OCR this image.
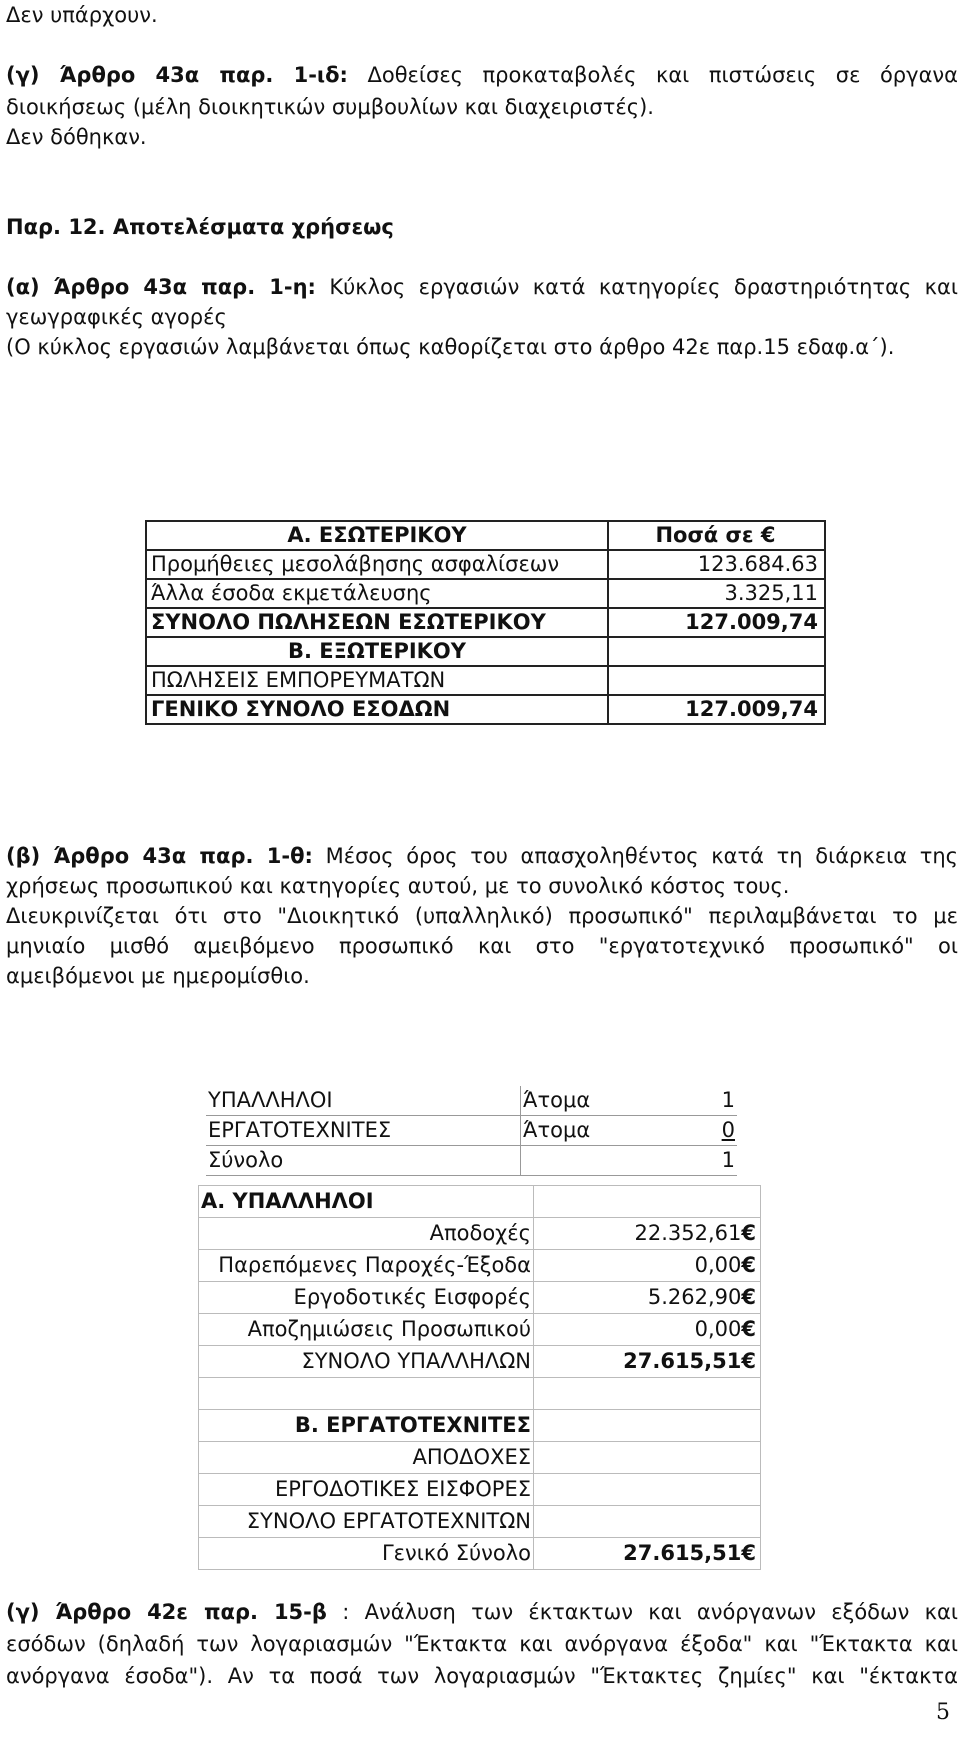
Δεν υπάρχουν.
(γ) Άρθρο 43α παρ. 1-ιδ: Δοθείσες προκαταβολές και πιστώσεις σε όργανα
διοικήσεως (μέλη διοικητικών συμβουλίων και διαχειριστές).
Δεν δόθηκαν.
Παρ. 12. Αποτελέσματα χρήσεως
(α) Άρθρο 43α παρ. 1-η: Κύκλος εργασιών κατά κατηγορίες δραστηριότητας και
γεωγραφικές αγορές
(Ο κύκλος εργασιών λαμβάνεται όπως καθορίζεται στο άρθρο 42ε παρ.15 εδαφ.α΄).
Α. ΕΣΩΤΕΡΙΚΟΥ	Ποσά σε €
Προμήθειες μεσολάβησης ασφαλίσεων	123.684.63
Άλλα έσοδα εκμετάλευσης	3.325,11
ΣΥΝΟΛΟ ΠΩΛΗΣΕΩΝ ΕΣΩΤΕΡΙΚΟΥ	127.009,74
Β. ΕΞΩΤΕΡΙΚΟΥ	
ΠΩΛΗΣΕΙΣ ΕΜΠΟΡΕΥΜΑΤΩΝ	
ΓΕΝΙΚΟ ΣΥΝΟΛΟ ΕΣΟΔΩΝ	127.009,74
(β) Άρθρο 43α παρ. 1-θ: Μέσος όρος του απασχοληθέντος κατά τη διάρκεια της
χρήσεως προσωπικού και κατηγορίες αυτού, με το συνολικό κόστος τους.
Διευκρινίζεται ότι στο "Διοικητικό (υπαλληλικό) προσωπικό" περιλαμβάνεται το με
μηνιαίο μισθό αμειβόμενο προσωπικό και στο "εργατοτεχνικό προσωπικό" οι
αμειβόμενοι με ημερομίσθιο.
ΥΠΑΛΛΗΛΟΙ	Άτομα	1
ΕΡΓΑΤΟΤΕΧΝΙΤΕΣ	Άτομα	0
Σύνολο		1
Α. ΥΠΑΛΛΗΛΟΙ	
Αποδοχές	22.352,61€
Παρεπόμενες Παροχές-Έξοδα	0,00€
Εργοδοτικές Εισφορές	5.262,90€
Αποζημιώσεις Προσωπικού	0,00€
ΣΥΝΟΛΟ ΥΠΑΛΛΗΛΩΝ	27.615,51€

Β. ΕΡΓΑΤΟΤΕΧΝΙΤΕΣ	
ΑΠΟΔΟΧΕΣ	
ΕΡΓΟΔΟΤΙΚΕΣ ΕΙΣΦΟΡΕΣ	
ΣΥΝΟΛΟ ΕΡΓΑΤΟΤΕΧΝΙΤΩΝ	
Γενικό Σύνολο	27.615,51€
(γ) Άρθρο 42ε παρ. 15-β : Ανάλυση των έκτακτων και ανόργανων εξόδων και
εσόδων (δηλαδή των λογαριασμών "Έκτακτα και ανόργανα έξοδα" και "Έκτακτα και
ανόργανα έσοδα"). Αν τα ποσά των λογαριασμών "Έκτακτες ζημίες" και "έκτακτα
5
